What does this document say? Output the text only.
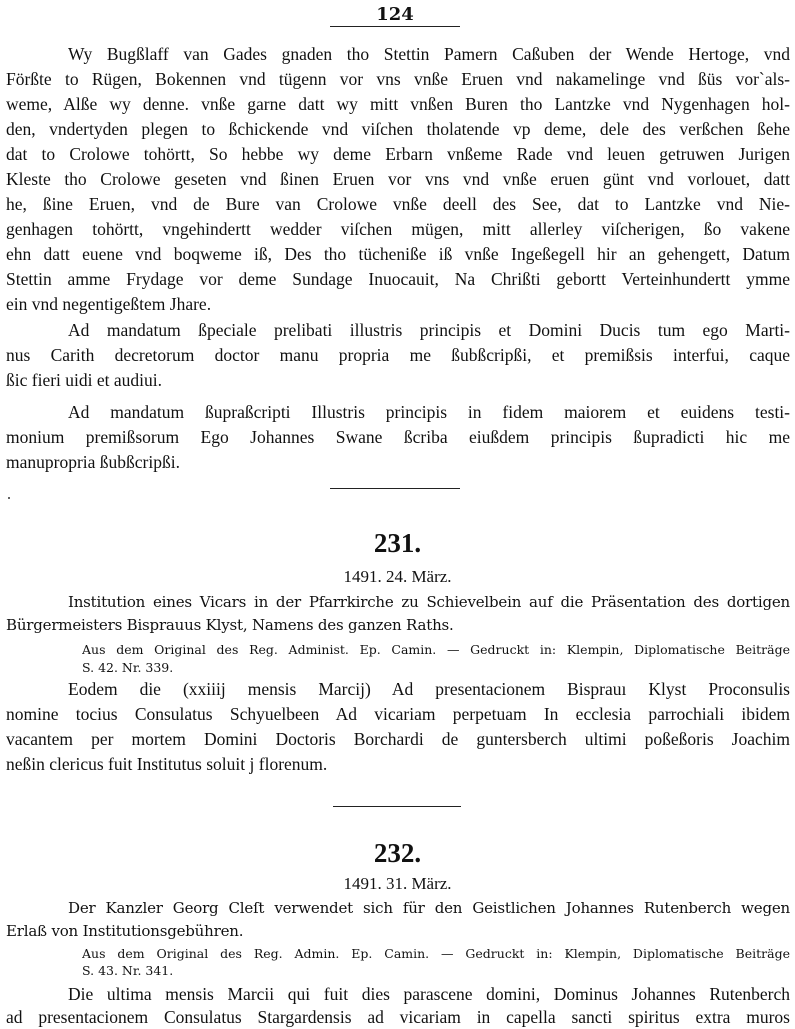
124

Wy Bugßlaff van Gades gnaden tho Stettin Pamern Caßuben der Wende Hertoge, vnd

Förßte to Rügen, Bokennen vnd tügenn vor vns vnße Eruen vnd nakamelinge vnd ßüs vor`als-

weme, Alße wy denne. vnße garne datt wy mitt vnßen Buren tho Lantzke vnd Nygenhagen hol-

den, vndertyden plegen to ßchickende vnd viſchen tholatende vp deme, dele des verßchen ßehe

dat to Crolowe tohörtt, So hebbe wy deme Erbarn vnßeme Rade vnd leuen getruwen Jurigen

Kleste tho Crolowe geseten vnd ßinen Eruen vor vns vnd vnße eruen günt vnd vorlouet, datt

he, ßine Eruen, vnd de Bure van Crolowe vnße deell des See, dat to Lantzke vnd Nie-

genhagen tohörtt, vngehindertt wedder viſchen mügen, mitt allerley viſcherigen, ßo vakene

ehn datt euene vnd boqweme iß, Des tho tücheniße iß vnße Ingeßegell hir an gehengett, Datum

Stettin amme Frydage vor deme Sundage Inuocauit, Na Chrißti gebortt Verteinhundertt ymme

ein vnd negentigeßtem Jhare.

Ad mandatum ßpeciale prelibati illustris principis et Domini Ducis tum ego Marti-

nus Carith decretorum doctor manu propria me ßubßcripßi, et premißsis interfui, caque

ßic fieri uidi et audiui.

Ad mandatum ßupraßcripti Illustris principis in fidem maiorem et euidens testi-

monium premißsorum Ego Johannes Swane ßcriba eiußdem principis ßupradicti hic me

manupropria ßubßcripßi.

231.
1491. 24. März.

Institution eines Vicars in der Pfarrkirche zu Schievelbein auf die Präsentation des dortigen

Bürgermeisters Bisprauus Klyst, Namens des ganzen Raths.

Aus dem Original des Reg. Administ. Ep. Camin. — Gedruckt in: Klempin, Diplomatische Beiträge

S. 42. Nr. 339.

Eodem die (xxiiij mensis Marcij) Ad presentacionem Bisprauı Klyst Proconsulis

nomine tocius Consulatus Schyuelbeen Ad vicariam perpetuam In ecclesia parrochiali ibidem

vacantem per mortem Domini Doctoris Borchardi de guntersberch ultimi poßeßoris Joachim

neßin clericus fuit Institutus soluit j florenum.

232.
1491. 31. März.

Der Kanzler Georg Cleſt verwendet sich für den Geistlichen Johannes Rutenberch wegen

Erlaß von Institutionsgebühren.

Aus dem Original des Reg. Admin. Ep. Camin. — Gedruckt in: Klempin, Diplomatische Beiträge

S. 43. Nr. 341.

Die ultima mensis Marcii qui fuit dies parascene domini, Dominus Johannes Rutenberch

ad presentacionem Consulatus Stargardensis ad vicariam in capella sancti spiritus extra muros
